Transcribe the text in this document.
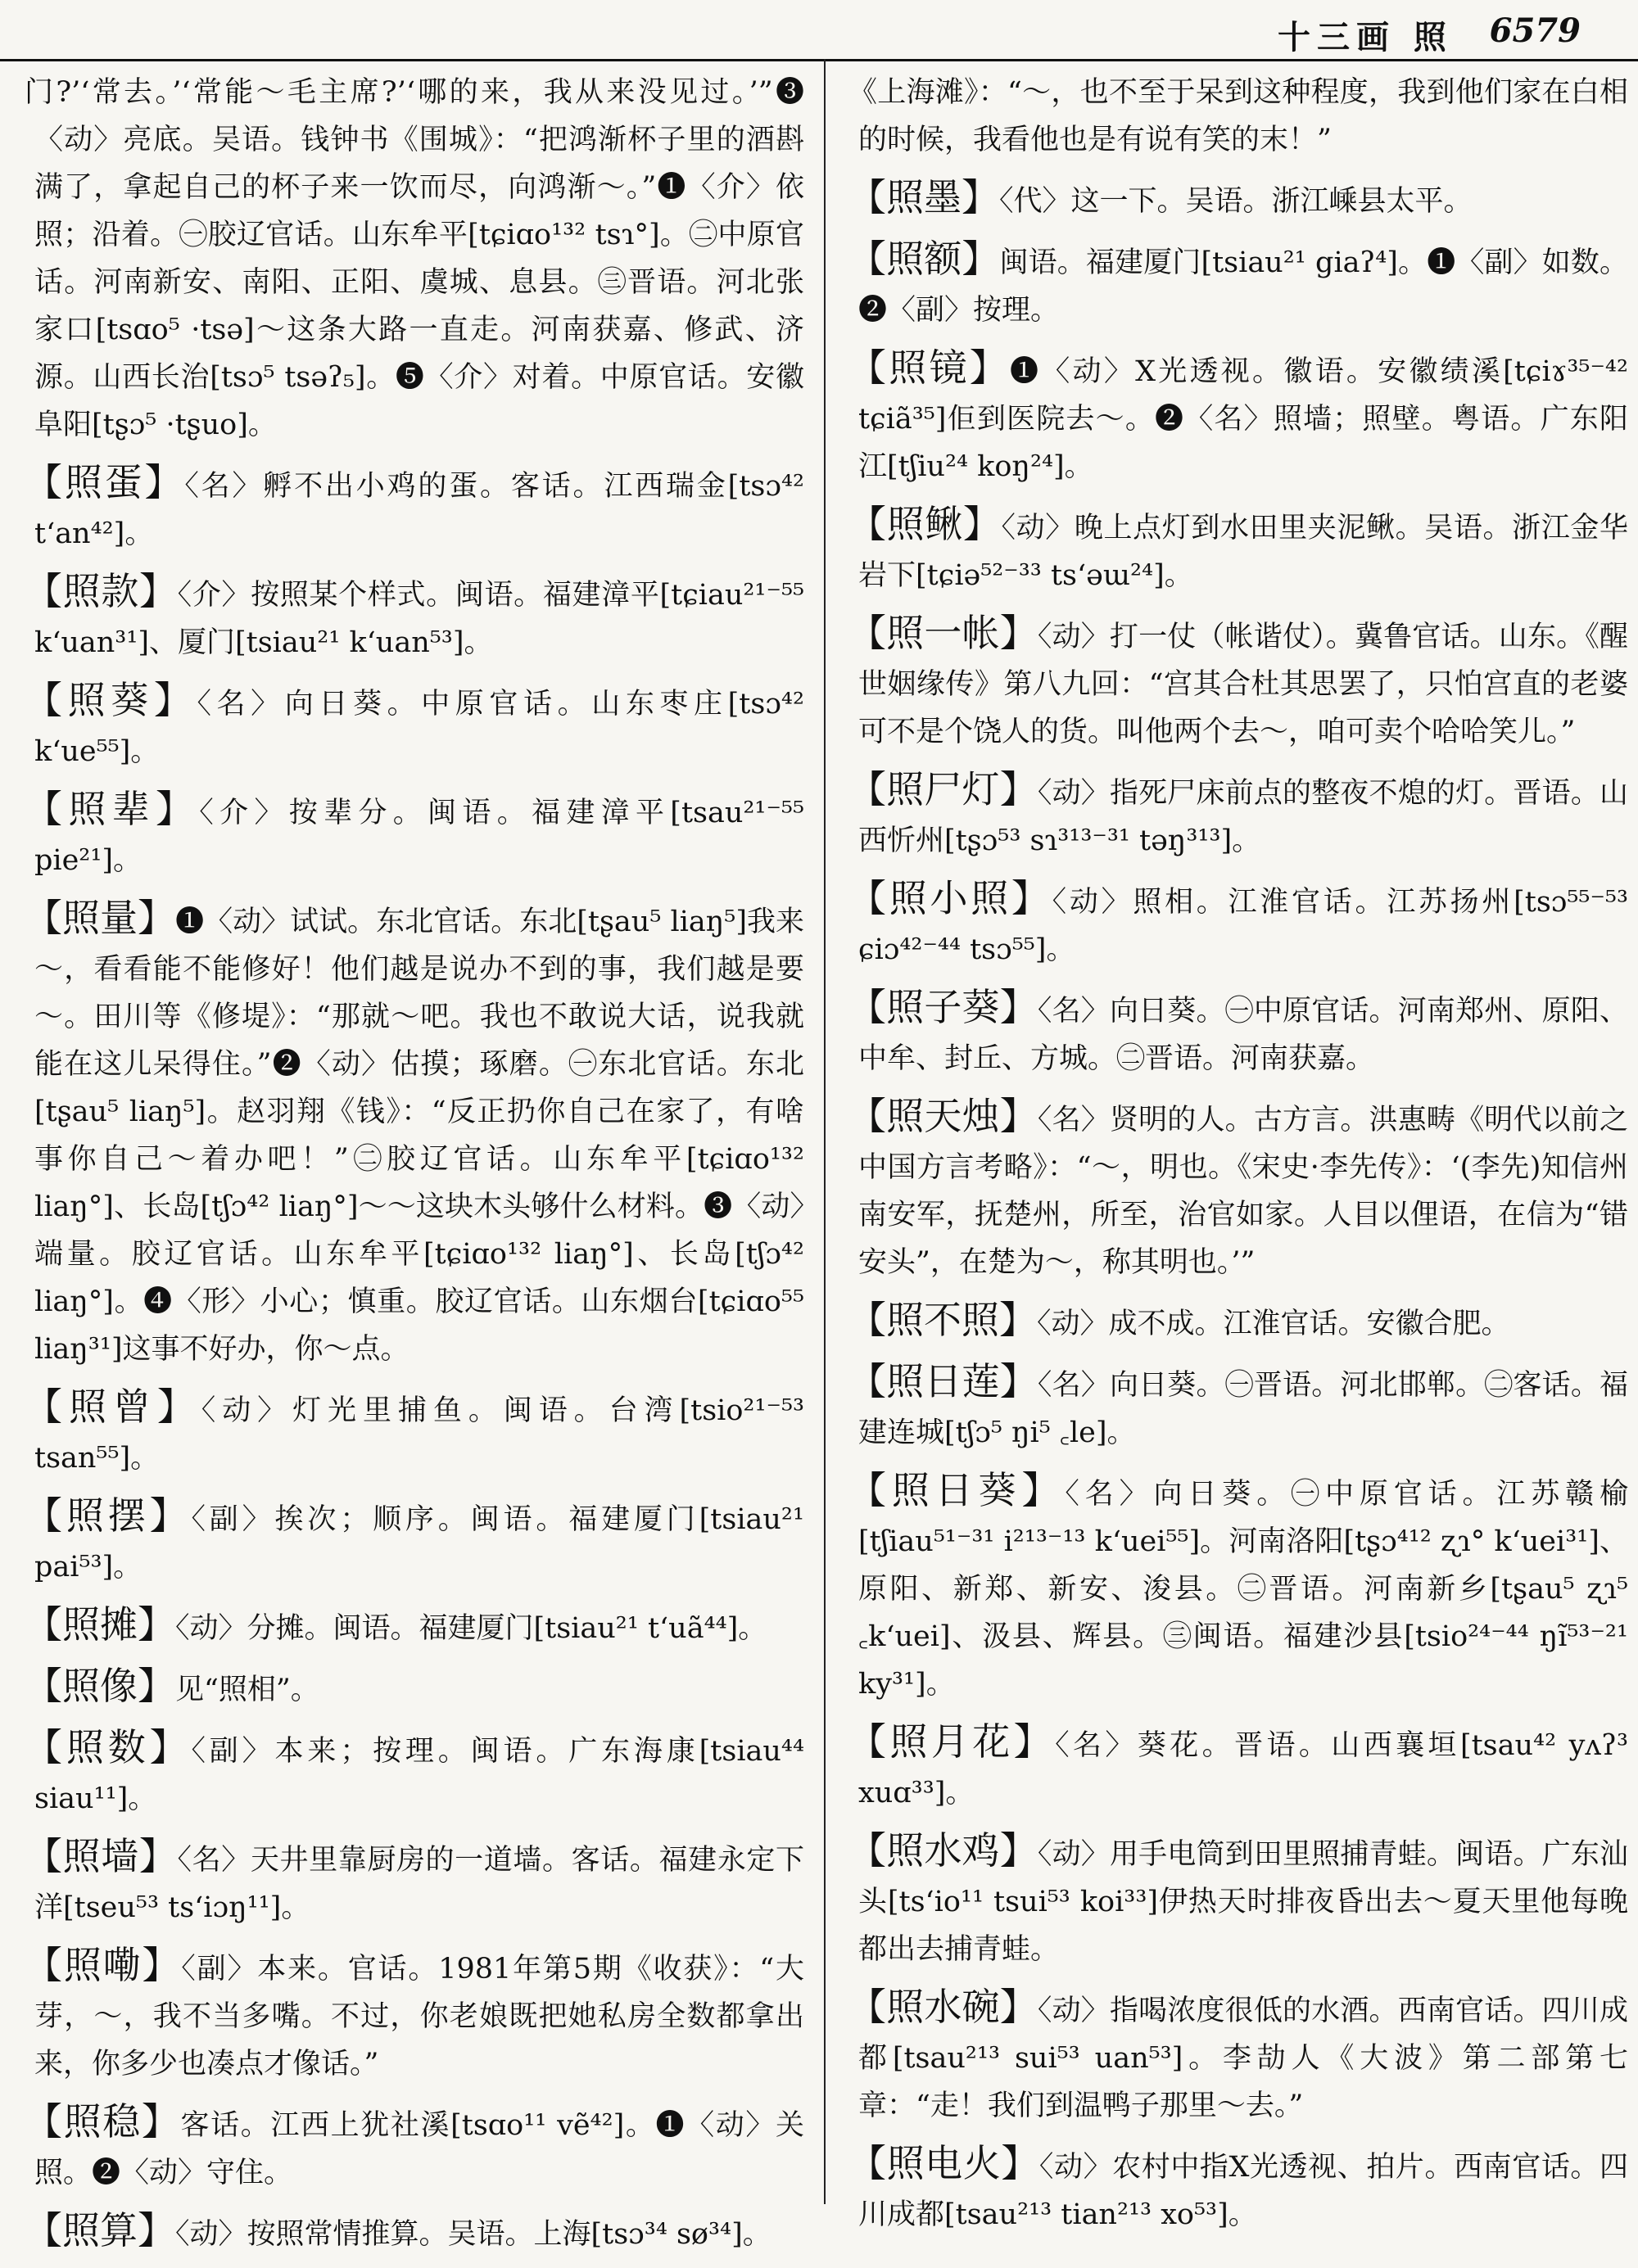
十三画 照 6579

门?’‘常去。’‘常能～毛主席?’‘哪的来，我从来没见过。’”❸〈动〉亮底。吴语。钱钟书《围城》：“把鸿渐杯子里的酒斟满了，拿起自己的杯子来一饮而尽，向鸿渐～。”❶〈介〉依照；沿着。㊀胶辽官话。山东牟平[tɕiɑo¹³² tsɿ°]。㊁中原官话。河南新安、南阳、正阳、虞城、息县。㊂晋语。河北张家口[tsɑo⁵ ·tsə]～这条大路一直走。河南获嘉、修武、济源。山西长治[tsɔ⁵ tsəʔ₅]。❺〈介〉对着。中原官话。安徽阜阳[tʂɔ⁵ ·tʂuo]。

【照蛋】〈名〉孵不出小鸡的蛋。客话。江西瑞金[tsɔ⁴² t‘an⁴²]。

【照款】〈介〉按照某个样式。闽语。福建漳平[tɕiau²¹⁻⁵⁵ k‘uan³¹]、厦门[tsiau²¹ k‘uan⁵³]。

【照葵】〈名〉向日葵。中原官话。山东枣庄[tsɔ⁴² k‘ue⁵⁵]。

【照辈】〈介〉按辈分。闽语。福建漳平[tsau²¹⁻⁵⁵ pie²¹]。

【照量】❶〈动〉试试。东北官话。东北[tʂau⁵ liaŋ⁵]我来～，看看能不能修好！他们越是说办不到的事，我们越是要～。田川等《修堤》：“那就～吧。我也不敢说大话，说我就能在这儿呆得住。”❷〈动〉估摸；琢磨。㊀东北官话。东北[tʂau⁵ liaŋ⁵]。赵羽翔《钱》：“反正扔你自己在家了，有啥事你自己～着办吧！”㊁胶辽官话。山东牟平[tɕiɑo¹³² liaŋ°]、长岛[tʃɔ⁴² liaŋ°]～～这块木头够什么材料。❸〈动〉端量。胶辽官话。山东牟平[tɕiɑo¹³² liaŋ°]、长岛[tʃɔ⁴² liaŋ°]。❹〈形〉小心；慎重。胶辽官话。山东烟台[tɕiɑo⁵⁵ liaŋ³¹]这事不好办，你～点。

【照曾】〈动〉灯光里捕鱼。闽语。台湾[tsio²¹⁻⁵³ tsan⁵⁵]。

【照摆】〈副〉挨次；顺序。闽语。福建厦门[tsiau²¹ pai⁵³]。

【照摊】〈动〉分摊。闽语。福建厦门[tsiau²¹ t‘uã⁴⁴]。

【照像】见“照相”。

【照数】〈副〉本来；按理。闽语。广东海康[tsiau⁴⁴ siau¹¹]。

【照墙】〈名〉天井里靠厨房的一道墙。客话。福建永定下洋[tseu⁵³ ts‘iɔŋ¹¹]。

【照嘞】〈副〉本来。官话。1981年第5期《收获》：“大芽，～，我不当多嘴。不过，你老娘既把她私房全数都拿出来，你多少也凑点才像话。”

【照稳】客话。江西上犹社溪[tsɑo¹¹ vẽ⁴²]。❶〈动〉关照。❷〈动〉守住。

【照算】〈动〉按照常情推算。吴语。上海[tsɔ³⁴ sø³⁴]。

《上海滩》：“～，也不至于呆到这种程度，我到他们家在白相的时候，我看他也是有说有笑的末！”

【照墨】〈代〉这一下。吴语。浙江嵊县太平。

【照额】闽语。福建厦门[tsiau²¹ giaʔ⁴]。❶〈副〉如数。❷〈副〉按理。

【照镜】❶〈动〉X光透视。徽语。安徽绩溪[tɕiɤ³⁵⁻⁴² tɕiã³⁵]佢到医院去～。❷〈名〉照墙；照壁。粤语。广东阳江[tʃiu²⁴ koŋ²⁴]。

【照鳅】〈动〉晚上点灯到水田里夹泥鳅。吴语。浙江金华岩下[tɕiə⁵²⁻³³ ts‘əɯ²⁴]。

【照一帐】〈动〉打一仗（帐谐仗）。冀鲁官话。山东。《醒世姻缘传》第八九回：“宫其合杜其思罢了，只怕宫直的老婆可不是个饶人的货。叫他两个去～，咱可卖个哈哈笑儿。”

【照尸灯】〈动〉指死尸床前点的整夜不熄的灯。晋语。山西忻州[tʂɔ⁵³ sɿ³¹³⁻³¹ təŋ³¹³]。

【照小照】〈动〉照相。江淮官话。江苏扬州[tsɔ⁵⁵⁻⁵³ ɕiɔ⁴²⁻⁴⁴ tsɔ⁵⁵]。

【照子葵】〈名〉向日葵。㊀中原官话。河南郑州、原阳、中牟、封丘、方城。㊁晋语。河南获嘉。

【照天烛】〈名〉贤明的人。古方言。洪惠畴《明代以前之中国方言考略》：“～，明也。《宋史·李先传》：‘(李先)知信州南安军，抚楚州，所至，治官如家。人目以俚语，在信为“错安头”，在楚为～，称其明也。’”

【照不照】〈动〉成不成。江淮官话。安徽合肥。

【照日莲】〈名〉向日葵。㊀晋语。河北邯郸。㊁客话。福建连城[tʃɔ⁵ ŋi⁵ ꜀le]。

【照日葵】〈名〉向日葵。㊀中原官话。江苏赣榆[tʃiau⁵¹⁻³¹ i²¹³⁻¹³ k‘uei⁵⁵]。河南洛阳[tʂɔ⁴¹² ʐɿ° k‘uei³¹]、原阳、新郑、新安、浚县。㊁晋语。河南新乡[tʂau⁵ ʐɿ⁵ ꜀k‘uei]、汲县、辉县。㊂闽语。福建沙县[tsio²⁴⁻⁴⁴ ŋĩ⁵³⁻²¹ ky³¹]。

【照月花】〈名〉葵花。晋语。山西襄垣[tsau⁴² yʌʔ³ xuɑ³³]。

【照水鸡】〈动〉用手电筒到田里照捕青蛙。闽语。广东汕头[ts‘io¹¹ tsui⁵³ koi³³]伊热天时排夜昏出去～夏天里他每晚都出去捕青蛙。

【照水碗】〈动〉指喝浓度很低的水酒。西南官话。四川成都[tsau²¹³ sui⁵³ uan⁵³]。李劼人《大波》第二部第七章：“走！我们到温鸭子那里～去。”

【照电火】〈动〉农村中指X光透视、拍片。西南官话。四川成都[tsau²¹³ tian²¹³ xo⁵³]。
